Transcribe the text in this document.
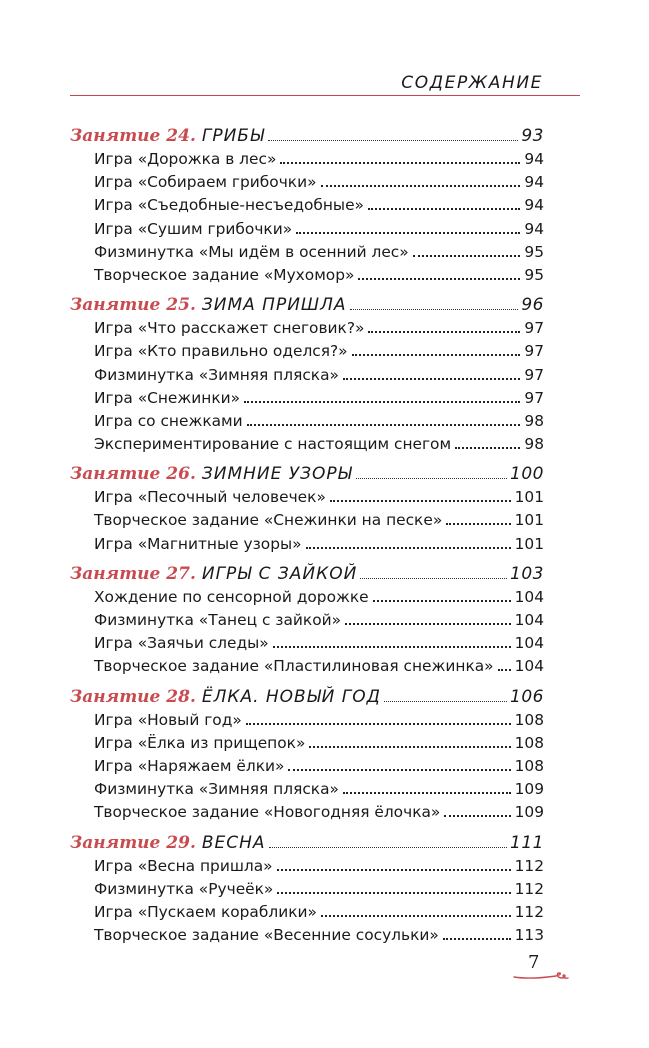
СОДЕРЖАНИЕ
Занятие 24. ГРИБЫ	93
Игра «Дорожка в лес»	94
Игра «Собираем грибочки»	94
Игра «Съедобные-несъедобные»	94
Игра «Сушим грибочки»	94
Физминутка «Мы идём в осенний лес»	95
Творческое задание «Мухомор»	95
Занятие 25. ЗИМА ПРИШЛА	96
Игра «Что расскажет снеговик?»	97
Игра «Кто правильно оделся?»	97
Физминутка «Зимняя пляска»	97
Игра «Снежинки»	97
Игра со снежками	98
Экспериментирование с настоящим снегом	98
Занятие 26. ЗИМНИЕ УЗОРЫ	100
Игра «Песочный человечек»	101
Творческое задание «Снежинки на песке»	101
Игра «Магнитные узоры»	101
Занятие 27. ИГРЫ С ЗАЙКОЙ	103
Хождение по сенсорной дорожке	104
Физминутка «Танец с зайкой»	104
Игра «Заячьи следы»	104
Творческое задание «Пластилиновая снежинка» 104
Занятие 28. ЁЛКА. НОВЫЙ ГОД	106
Игра «Новый год»	108
Игра «Ёлка из прищепок»	108
Игра «Наряжаем ёлки»	108
Физминутка «Зимняя пляска»	109
Творческое задание «Новогодняя ёлочка»	109
Занятие 29. ВЕСНА	111
Игра «Весна пришла»	112
Физминутка «Ручеёк»	112
Игра «Пускаем кораблики»	112
Творческое задание «Весенние сосульки»	113
7
